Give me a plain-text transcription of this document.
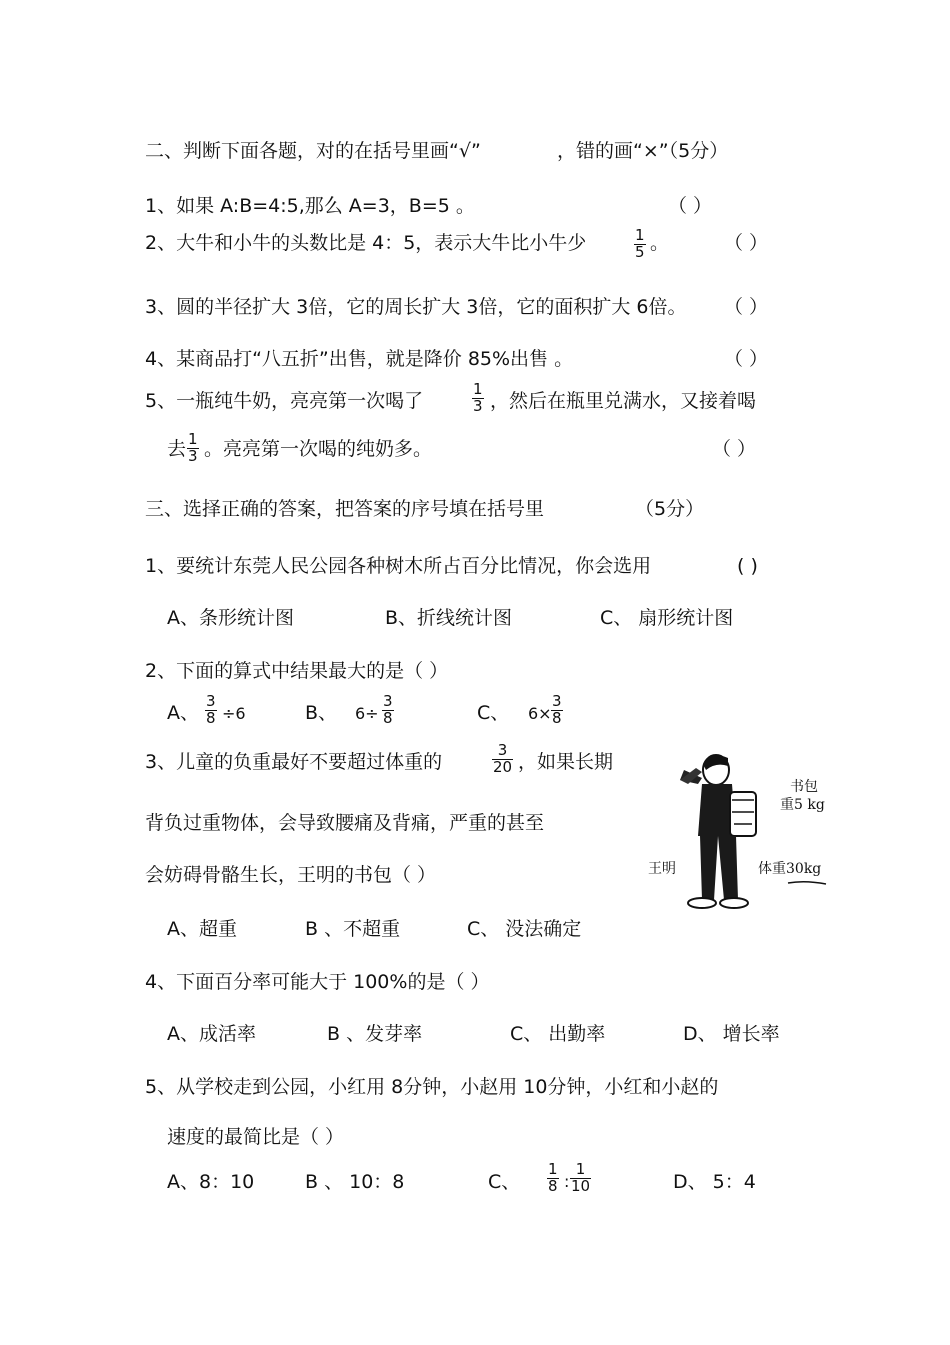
二、判断下面各题，对的在括号里画“√”	，错的画“×”（5分）
1、如果 A:B=4:5,那么 A=3，B=5 。	（ ）
2、大牛和小牛的头数比是 4：5，表示大牛比小牛少	$\frac{1}{5}$ 。	（ ）
3、圆的半径扩大 3倍，它的周长扩大 3倍，它的面积扩大 6倍。 （ ）
4、某商品打“八五折”出售，就是降价 85%出售 。	（ ）
5、一瓶纯牛奶，亮亮第一次喝了	$\frac{1}{3}$ ，然后在瓶里兑满水，又接着喝
去 $\frac{1}{3}$ 。亮亮第一次喝的纯奶多。	（ ）
三、选择正确的答案，把答案的序号填在括号里	（5分）
1、要统计东莞人民公园各种树木所占百分比情况，你会选用	( )
A、条形统计图	B、折线统计图	C、 扇形统计图
2、下面的算式中结果最大的是（ ）
A、 $\frac{3}{8} \div 6$	B、 $6\div \frac{3}{8}$	C、 $6\times \frac{3}{8}$
3、儿童的负重最好不要超过体重的	$\frac{3}{20}$ ，如果长期
背负过重物体，会导致腰痛及背痛，严重的甚至
会妨碍骨骼生长，王明的书包（ ）
书包
重5 kg
王明	体重30kg
A、超重	B 、不超重	C、 没法确定
4、下面百分率可能大于 100%的是（ ）
A、成活率	B 、发芽率	C、 出勤率	D、 增长率
5、从学校走到公园，小红用 8分钟，小赵用 10分钟，小红和小赵的
速度的最简比是（ ）
A、8：10	B 、 10：8	C、 $\frac{1}{8}$ : $\frac{1}{10}$	D、 5：4
